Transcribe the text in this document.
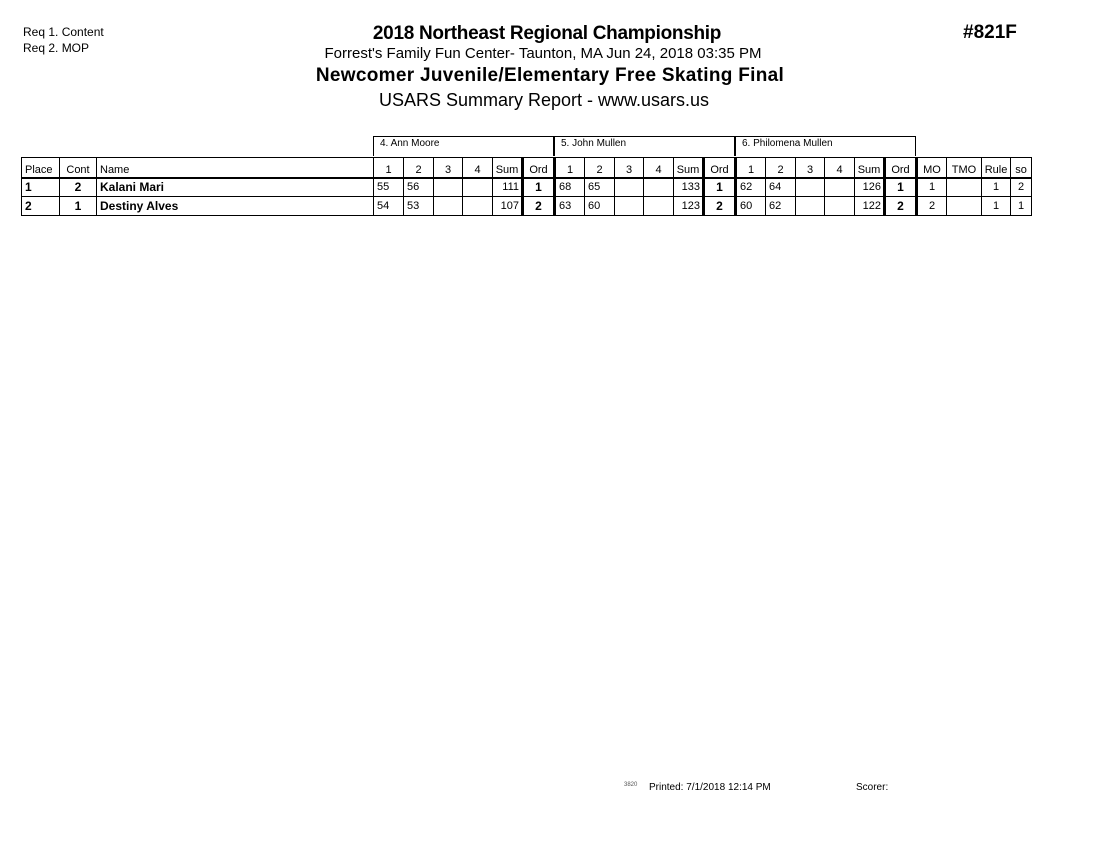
Req 1. Content
Req 2. MOP
#821F
2018 Northeast Regional Championship
Forrest's Family Fun Center- Taunton, MA Jun 24, 2018 03:35 PM
Newcomer Juvenile/Elementary Free Skating Final
USARS Summary Report - www.usars.us
4. Ann Moore	5. John Mullen	6. Philomena Mullen
Place	Cont	Name	1	2	3	4	Sum	Ord	1	2	3	4	Sum	Ord	1	2	3	4	Sum	Ord	MO	TMO	Rule	so
1	2	Kalani Mari	55	56			111	1	68	65			133	1	62	64			126	1	1		1	2
2	1	Destiny Alves	54	53			107	2	63	60			123	2	60	62			122	2	2		1	1
3820 Printed: 7/1/2018 12:14 PM	Scorer:
